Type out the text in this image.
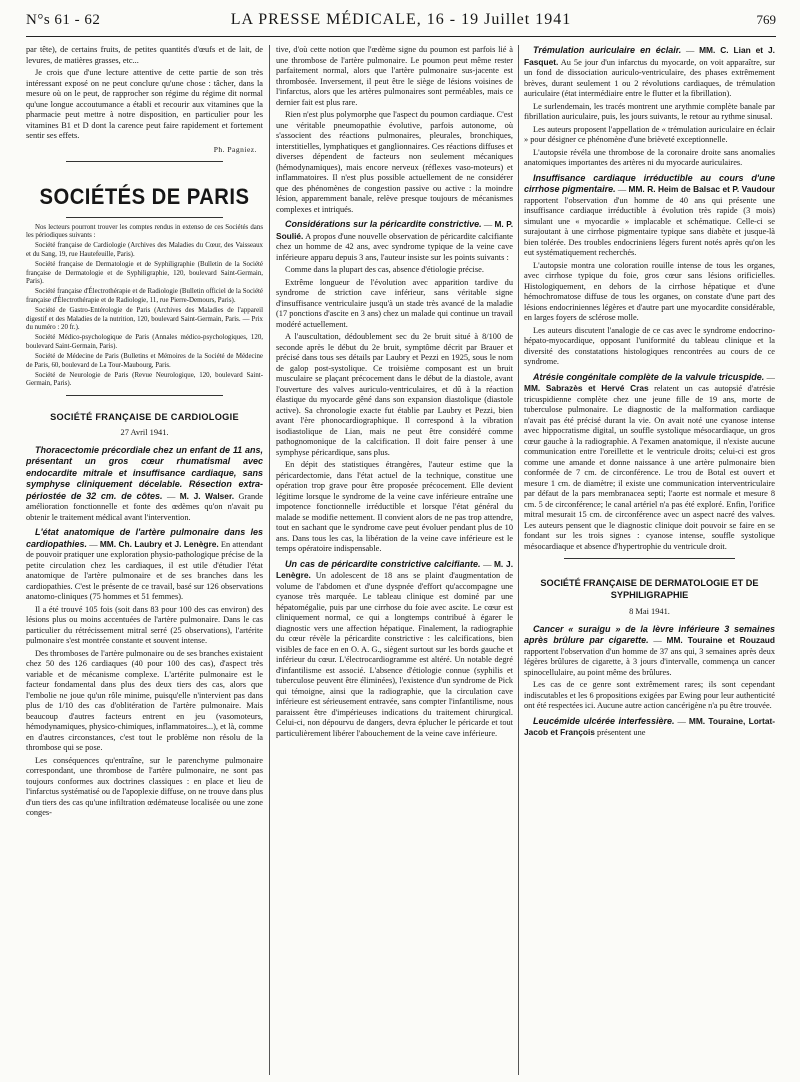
N°s 61 - 62	LA PRESSE MÉDICALE, 16 - 19 Juillet 1941	769

par tête), de certains fruits, de petites quantités d'œufs et de lait, de levures, de matières grasses, etc...

Je crois que d'une lecture attentive de cette partie de son très intéressant exposé on ne peut conclure qu'une chose : tâcher, dans la mesure où on le peut, de rapprocher son régime du régime dit normal qu'une longue accoutumance a établi et recourir aux vitamines que la pharmacie peut mettre à notre disposition, en particulier pour les vitamines B1 et D dont la carence peut faire rapidement et fortement sentir ses effets.

Ph. Pagniez.
SOCIÉTÉS DE PARIS

Nos lecteurs pourront trouver les comptes rendus in extenso de ces Sociétés dans les périodiques suivants :

Société française de Cardiologie (Archives des Maladies du Cœur, des Vaisseaux et du Sang, 19, rue Hautefeuille, Paris).

Société française de Dermatologie et de Syphiligraphie (Bulletin de la Société française de Dermatologie et de Syphiligraphie, 120, boulevard Saint-Germain, Paris).

Société française d'Électrothérapie et de Radiologie (Bulletin officiel de la Société française d'Électrothérapie et de Radiologie, 11, rue Pierre-Demours, Paris).

Société de Gastro-Entérologie de Paris (Archives des Maladies de l'appareil digestif et des Maladies de la nutrition, 120, boulevard Saint-Germain, Paris. — Prix du numéro : 20 fr.).

Société Médico-psychologique de Paris (Annales médico-psychologiques, 120, boulevard Saint-Germain, Paris).

Société de Médecine de Paris (Bulletins et Mémoires de la Société de Médecine de Paris, 60, boulevard de La Tour-Maubourg, Paris.

Société de Neurologie de Paris (Revue Neurologique, 120, boulevard Saint-Germain, Paris).

SOCIÉTÉ FRANÇAISE DE CARDIOLOGIE
27 Avril 1941.

Thoracectomie précordiale chez un enfant de 11 ans, présentant un gros cœur rhumatismal avec endocardite mitrale et insuffisance cardiaque, sans symphyse cliniquement décelable. Résection extra-périostée de 32 cm. de côtes. — M. J. Walser. Grande amélioration fonctionnelle et fonte des œdèmes qu'on n'avait pu obtenir le traitement médical avant l'intervention.

L'état anatomique de l'artère pulmonaire dans les cardiopathies. — MM. Ch. Laubry et J. Lenègre. En attendant de pouvoir pratiquer une exploration physio-pathologique précise de la petite circulation chez les cardiaques, il est utile d'étudier l'état anatomique de l'artère pulmonaire et de ses branches dans les cardiopathies. C'est le présente de ce travail, basé sur 126 observations anatomo-cliniques (75 hommes et 51 femmes).

Il a été trouvé 105 fois (soit dans 83 pour 100 des cas environ) des lésions plus ou moins accentuées de l'artère pulmonaire. Dans le cas particulier du rétrécissement mitral serré (25 observations), l'artérite pulmonaire s'est montrée constante et souvent intense.

Des thromboses de l'artère pulmonaire ou de ses branches existaient chez 50 des 126 cardiaques (40 pour 100 des cas), d'aspect très variable et de mécanisme complexe. L'artérite pulmonaire est le facteur fondamental dans plus des deux tiers des cas, alors que l'embolie ne joue qu'un rôle minime, puisqu'elle n'intervient pas dans plus de 1/10 des cas d'oblitération de l'artère pulmonaire. Mais beaucoup d'autres facteurs entrent en jeu (vasomoteurs, hémodynamiques, physico-chimiques, inflammatoires...), et là, comme en d'autres circonstances, c'est tout le problème non résolu de la thrombose qui se pose.

Les conséquences qu'entraîne, sur le parenchyme pulmonaire correspondant, une thrombose de l'artère pulmonaire, ne sont pas toujours conformes aux doctrines classiques : en place et lieu de l'infarctus systématisé ou de l'apoplexie diffuse, on ne trouve dans plus d'un tiers des cas qu'une infiltration œdémateuse localisée ou une zone conges-

tive, d'où cette notion que l'œdème signe du poumon est parfois lié à une thrombose de l'artère pulmonaire. Le poumon peut même rester parfaitement normal, alors que l'artère pulmonaire sus-jacente est thrombosée. Inversement, il peut être le siège de lésions voisines de l'infarctus, alors que les artères pulmonaires sont perméables, mais ce dernier fait est plus rare.

Rien n'est plus polymorphe que l'aspect du poumon cardiaque. C'est une véritable pneumopathie évolutive, parfois autonome, où s'associent des réactions pulmonaires, pleurales, bronchiques, interstitielles, lymphatiques et ganglionnaires. Ces réactions diffuses et diverses dépendent de facteurs non seulement mécaniques (hémodynamiques), mais encore nerveux (réflexes vaso-moteurs) et inflammatoires. Il n'est plus possible actuellement de ne considérer que des phénomènes de congestion passive ou active : la moindre lésion, apparemment banale, relève presque toujours de mécanismes complexes et intriqués.

Considérations sur la péricardite constrictive. — M. P. Soulié. A propos d'une nouvelle observation de péricardite calcifiante chez un homme de 42 ans, avec syndrome typique de la veine cave inférieure apparu depuis 3 ans, l'auteur insiste sur les points suivants :

Comme dans la plupart des cas, absence d'étiologie précise.

Extrême longueur de l'évolution avec apparition tardive du syndrome de striction cave inférieur, sans véritable signe d'insuffisance ventriculaire jusqu'à un stade très avancé de la maladie (17 ponctions d'ascite en 3 ans) chez un malade qui continue un travail modéré actuellement.

A l'auscultation, dédoublement sec du 2e bruit situé à 8/100 de seconde après le début du 2e bruit, symptôme décrit par Brauer et précisé dans tous ses détails par Laubry et Pezzi en 1925, sous le nom de galop post-systolique. Ce troisième composant est un bruit musculaire se plaçant précocement dans le début de la diastole, avant l'ouverture des valves auriculo-ventriculaires, et dû à la réaction élastique du myocarde gêné dans son expansion diastolique (diastole active). Sa chronologie exacte fut établie par Laubry et Pezzi, bien avant l'ère phonocardiographique. Il correspond à la vibration isodiastolique de Lian, mais ne peut être considéré comme pathognomonique de la calcification. Il doit faire penser à une symphyse péricardique, sans plus.

En dépit des statistiques étrangères, l'auteur estime que la péricardectomie, dans l'état actuel de la technique, constitue une opération trop grave pour être proposée précocement. Elle devient légitime lorsque le syndrome de la veine cave inférieure entraîne une impotence fonctionnelle irréductible et lorsque l'état général du malade se modifie nettement. Il convient alors de ne pas trop attendre, tout en sachant que le syndrome cave peut évoluer pendant plus de 10 ans. Dans tous les cas, la libération de la veine cave inférieure est le temps opératoire indispensable.

Un cas de péricardite constrictive calcifiante. — M. J. Lenègre. Un adolescent de 18 ans se plaint d'augmentation de volume de l'abdomen et d'une dyspnée d'effort qu'accompagne une cyanose très marquée. Le tableau clinique est dominé par une hépatomégalie, puis par une cirrhose du foie avec ascite. Le cœur est cliniquement normal, ce qui a longtemps contribué à égarer le diagnostic vers une affection hépatique. Finalement, la radiographie du cœur révèle la péricardite constrictive : les calcifications, bien visibles de face en en O. A. G., siègent surtout sur les bords gauche et inférieur du cœur. L'électrocardiogramme est altéré. Un notable degré d'infantilisme est associé. L'absence d'étiologie connue (syphilis et tuberculose peuvent être éliminées), l'existence d'un syndrome de Pick qui témoigne, ainsi que la radiographie, que la circulation cave inférieure est sérieusement entravée, sans compter l'infantilisme, nous paraissent être d'impérieuses indications du traitement chirurgical. Celui-ci, non dépourvu de dangers, devra éplucher le péricarde et tout particulièrement libérer l'abouchement de la veine cave inférieure.

Trémulation auriculaire en éclair. — MM. C. Lian et J. Fasquet. Au 5e jour d'un infarctus du myocarde, on voit apparaître, sur un fond de dissociation auriculo-ventriculaire, des phases extrêmement brèves, durant seulement 1 ou 2 révolutions cardiaques, de trémulation auriculaire (état intermédiaire entre le flutter et la fibrillation).

Le surlendemain, les tracés montrent une arythmie complète banale par fibrillation auriculaire, puis, les jours suivants, le retour au rythme sinusal.

Les auteurs proposent l'appellation de « trémulation auriculaire en éclair » pour désigner ce phénomène d'une brièveté exceptionnelle.

L'autopsie révéla une thrombose de la coronaire droite sans anomalies anatomiques importantes des artères ni du myocarde auriculaires.

Insuffisance cardiaque irréductible au cours d'une cirrhose pigmentaire. — MM. R. Heim de Balsac et P. Vaudour rapportent l'observation d'un homme de 40 ans qui présente une insuffisance cardiaque irréductible à évolution très rapide (3 mois) simulant une « myocardie » implacable et schématique. Celle-ci se surajoutant à une cirrhose pigmentaire typique sans diabète et jusque-là bien tolérée. Des troubles endocriniens légers furent notés après qu'on les eut systématiquement recherchés.

L'autopsie montra une coloration rouille intense de tous les organes, avec cirrhose typique du foie, gros cœur sans lésions orificielles. Histologiquement, en dehors de la cirrhose hépatique et d'une hémochromatose diffuse de tous les organes, on constate d'une part des lésions endocriniennes légères et d'autre part une myocardite considérable, en larges foyers de sclérose molle.

Les auteurs discutent l'analogie de ce cas avec le syndrome endocrino-hépato-myocardique, opposant l'uniformité du tableau clinique et la diversité des constatations histologiques rencontrées au cours de ce syndrome.

Atrésie congénitale complète de la valvule tricuspide. — MM. Sabrazès et Hervé Cras relatent un cas autopsié d'atrésie tricuspidienne complète chez une jeune fille de 19 ans, morte de tuberculose pulmonaire. Le diagnostic de la malformation cardiaque n'avait pas été précisé durant la vie. On avait noté une cyanose intense avec hippocratisme digital, un souffle systolique mésocardiaque, un gros cœur gauche à la radiographie. A l'examen anatomique, il n'existe aucune communication entre l'oreillette et le ventricule droits; celui-ci est gros comme une amande et donne naissance à une artère pulmonaire bien conformée de 7 cm. de circonférence. Le trou de Botal est ouvert et mesure 1 cm. de diamètre; il existe une communication interventriculaire par défaut de la pars membranacea septi; l'aorte est normale et mesure 8 cm. 5 de circonférence; le canal artériel n'a pas été exploré. Enfin, l'orifice mitral mesurait 15 cm. de circonférence avec un aspect nacré des valves. Les auteurs pensent que le diagnostic clinique doit pouvoir se faire en se fondant sur les trois signes : cyanose intense, souffle systolique mésocardiaque et absence d'hypertrophie du ventricule droit.

SOCIÉTÉ FRANÇAISE DE DERMATOLOGIE ET DE SYPHILIGRAPHIE
8 Mai 1941.

Cancer « suraigu » de la lèvre inférieure 3 semaines après brûlure par cigarette. — MM. Touraine et Rouzaud rapportent l'observation d'un homme de 37 ans qui, 3 semaines après deux légères brûlures de cigarette, à 3 jours d'intervalle, commença un cancer spinocellulaire, au point même des brûlures.

Les cas de ce genre sont extrêmement rares; ils sont cependant indiscutables et les 6 propositions exigées par Ewing pour leur authenticité ont été respectées ici. Aucune autre action cancérigène n'a pu être trouvée.

Leucémide ulcérée interfessière. — MM. Touraine, Lortat-Jacob et François présentent une
